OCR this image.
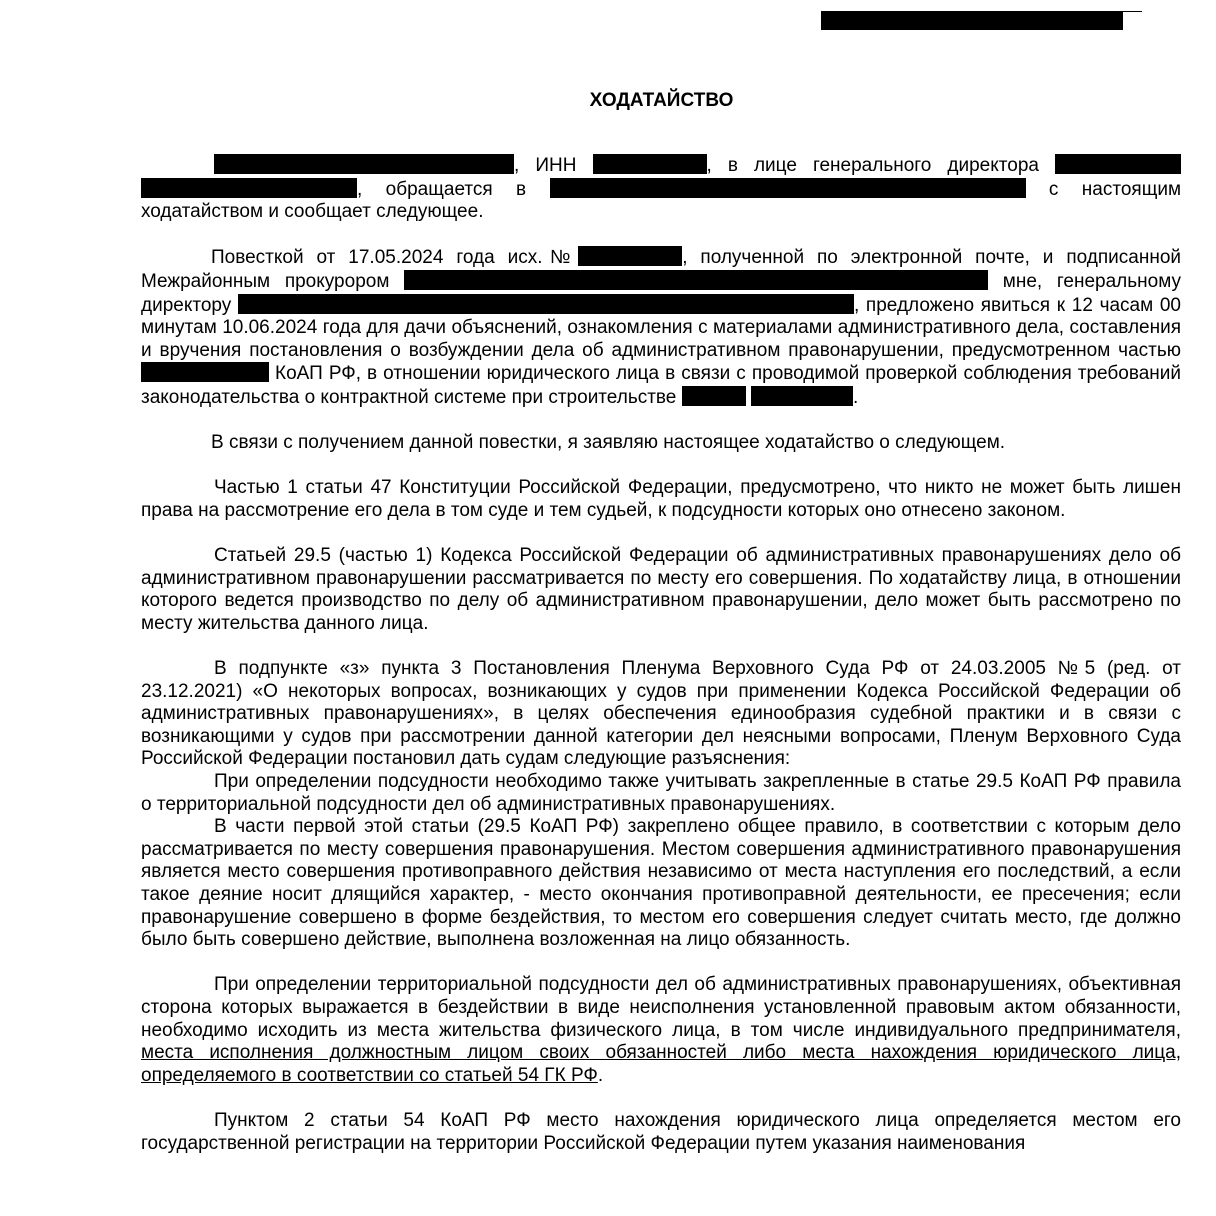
ХОДАТАЙСТВО

, ИНН	, в лице генерального директора  , обращается в	с настоящим ходатайством и сообщает следующее.

Повесткой от 17.05.2024 года исх.№	, полученной по электронной почте, и подписанной Межрайонным прокурором	мне, генеральному директору	, предложено явиться к 12 часам 00 минутам 10.06.2024 года для дачи объяснений, ознакомления с материалами административного дела, составления и вручения постановления о возбуждении дела об административном правонарушении, предусмотренном частью  КоАП РФ, в отношении юридического лица в связи с проводимой проверкой соблюдения требований законодательства о контрактной системе при строительстве	.

В связи с получением данной повестки, я заявляю настоящее ходатайство о следующем.

Частью 1 статьи 47 Конституции Российской Федерации, предусмотрено, что никто не может быть лишен права на рассмотрение его дела в том суде и тем судьей, к подсудности которых оно отнесено законом.

Статьей 29.5 (частью 1) Кодекса Российской Федерации об административных правонарушениях дело об административном правонарушении рассматривается по месту его совершения. По ходатайству лица, в отношении которого ведется производство по делу об административном правонарушении, дело может быть рассмотрено по месту жительства данного лица.

В подпункте «з» пункта 3 Постановления Пленума Верховного Суда РФ от 24.03.2005 №5 (ред. от 23.12.2021) «О некоторых вопросах, возникающих у судов при применении Кодекса Российской Федерации об административных правонарушениях», в целях обеспечения единообразия судебной практики и в связи с возникающими у судов при рассмотрении данной категории дел неясными вопросами, Пленум Верховного Суда Российской Федерации постановил дать судам следующие разъяснения:

При определении подсудности необходимо также учитывать закрепленные в статье 29.5 КоАП РФ правила о территориальной подсудности дел об административных правонарушениях.

В части первой этой статьи (29.5 КоАП РФ) закреплено общее правило, в соответствии с которым дело рассматривается по месту совершения правонарушения. Местом совершения административного правонарушения является место совершения противоправного действия независимо от места наступления его последствий, а если такое деяние носит длящийся характер, - место окончания противоправной деятельности, ее пресечения; если правонарушение совершено в форме бездействия, то местом его совершения следует считать место, где должно было быть совершено действие, выполнена возложенная на лицо обязанность.

При определении территориальной подсудности дел об административных правонарушениях, объективная сторона которых выражается в бездействии в виде неисполнения установленной правовым актом обязанности, необходимо исходить из места жительства физического лица, в том числе индивидуального предпринимателя, места исполнения должностным лицом своих обязанностей либо места нахождения юридического лица, определяемого в соответствии со статьей 54 ГК РФ.

Пунктом 2 статьи 54 КоАП РФ место нахождения юридического лица определяется местом его государственной регистрации на территории Российской Федерации путем указания наименования
